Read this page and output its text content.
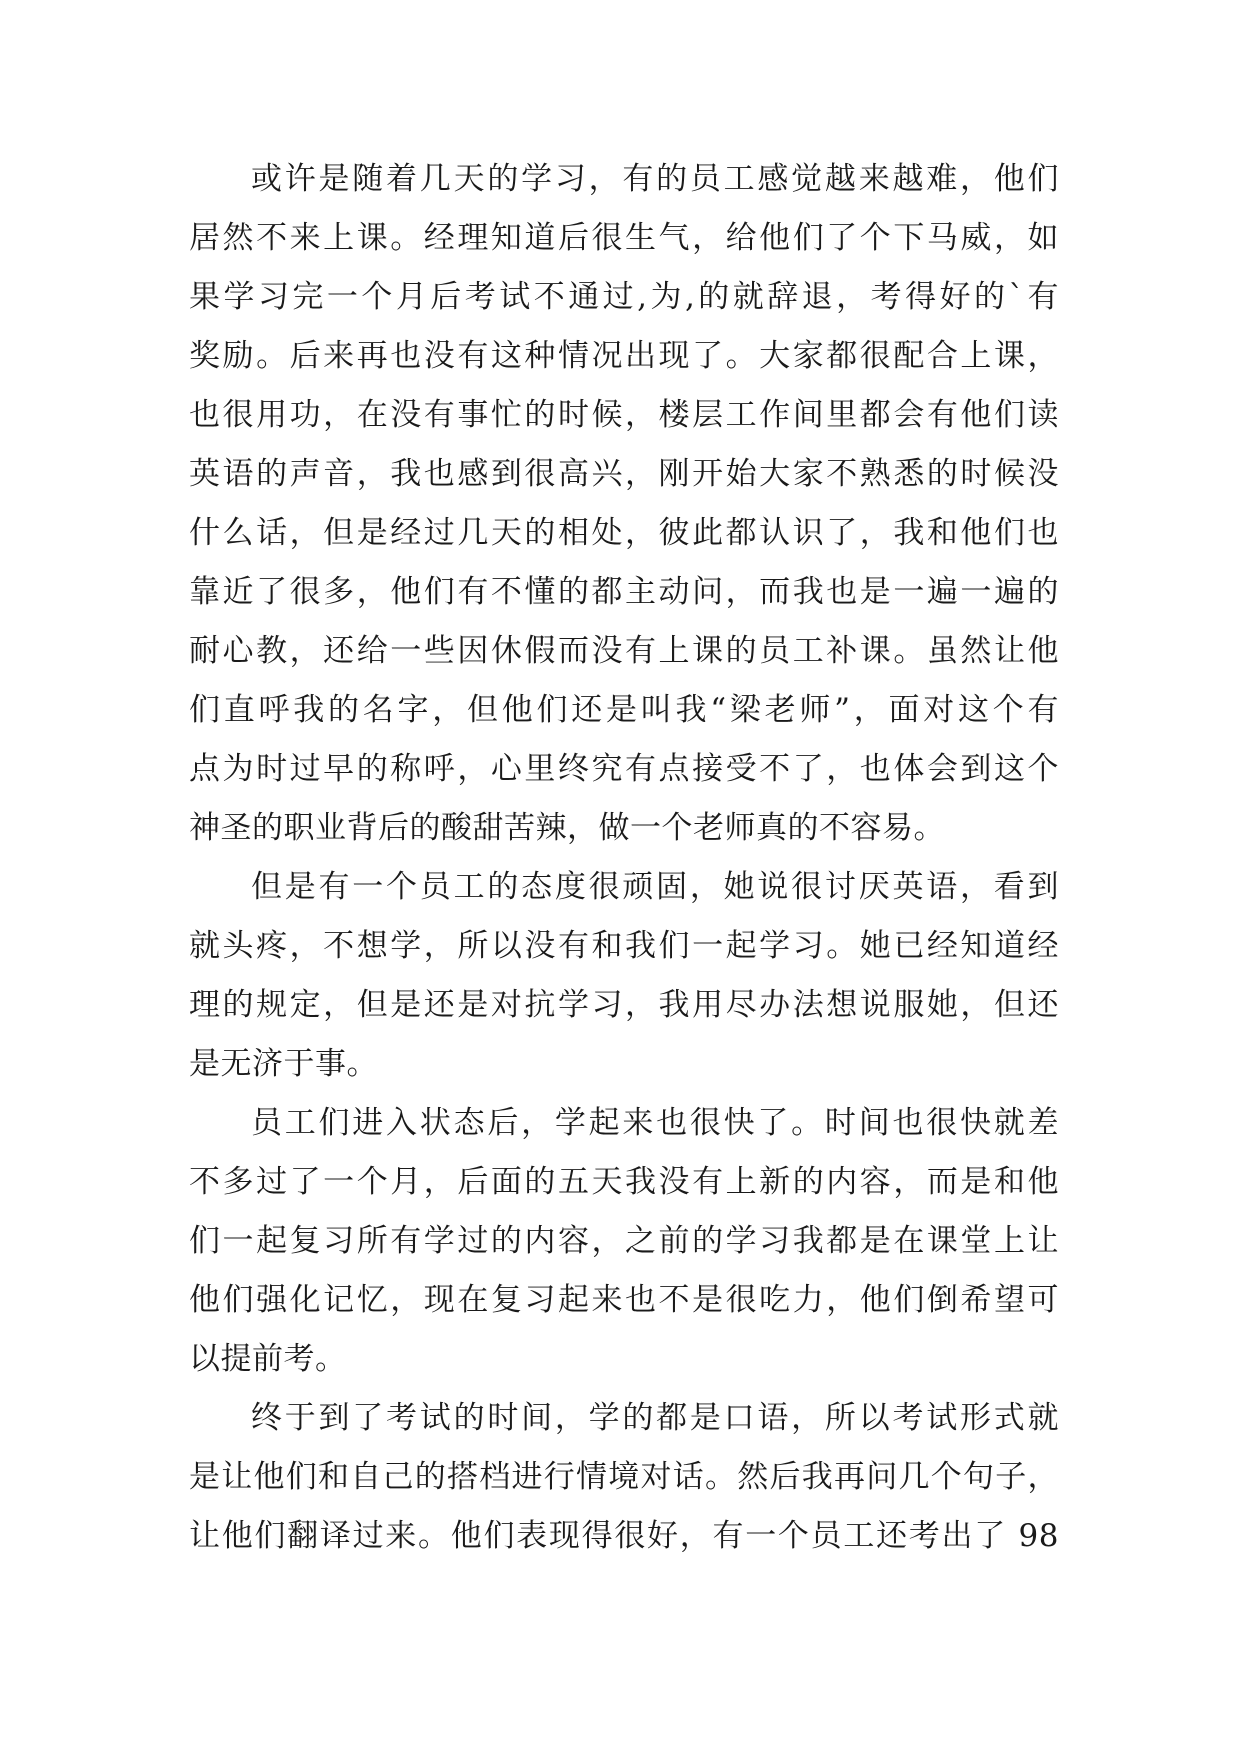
或许是随着几天的学习，有的员工感觉越来越难，他们
居然不来上课。经理知道后很生气，给他们了个下马威，如
果学习完一个月后考试不通过,为,的就辞退，考得好的`有
奖励。后来再也没有这种情况出现了。大家都很配合上课，
也很用功，在没有事忙的时候，楼层工作间里都会有他们读
英语的声音，我也感到很高兴，刚开始大家不熟悉的时候没
什么话，但是经过几天的相处，彼此都认识了，我和他们也
靠近了很多，他们有不懂的都主动问，而我也是一遍一遍的
耐心教，还给一些因休假而没有上课的员工补课。虽然让他
们直呼我的名字，但他们还是叫我“梁老师”，面对这个有
点为时过早的称呼，心里终究有点接受不了，也体会到这个
神圣的职业背后的酸甜苦辣，做一个老师真的不容易。
但是有一个员工的态度很顽固，她说很讨厌英语，看到
就头疼，不想学，所以没有和我们一起学习。她已经知道经
理的规定，但是还是对抗学习，我用尽办法想说服她，但还
是无济于事。
员工们进入状态后，学起来也很快了。时间也很快就差
不多过了一个月，后面的五天我没有上新的内容，而是和他
们一起复习所有学过的内容，之前的学习我都是在课堂上让
他们强化记忆，现在复习起来也不是很吃力，他们倒希望可
以提前考。
终于到了考试的时间，学的都是口语，所以考试形式就
是让他们和自己的搭档进行情境对话。然后我再问几个句子，
让他们翻译过来。他们表现得很好，有一个员工还考出了 98
